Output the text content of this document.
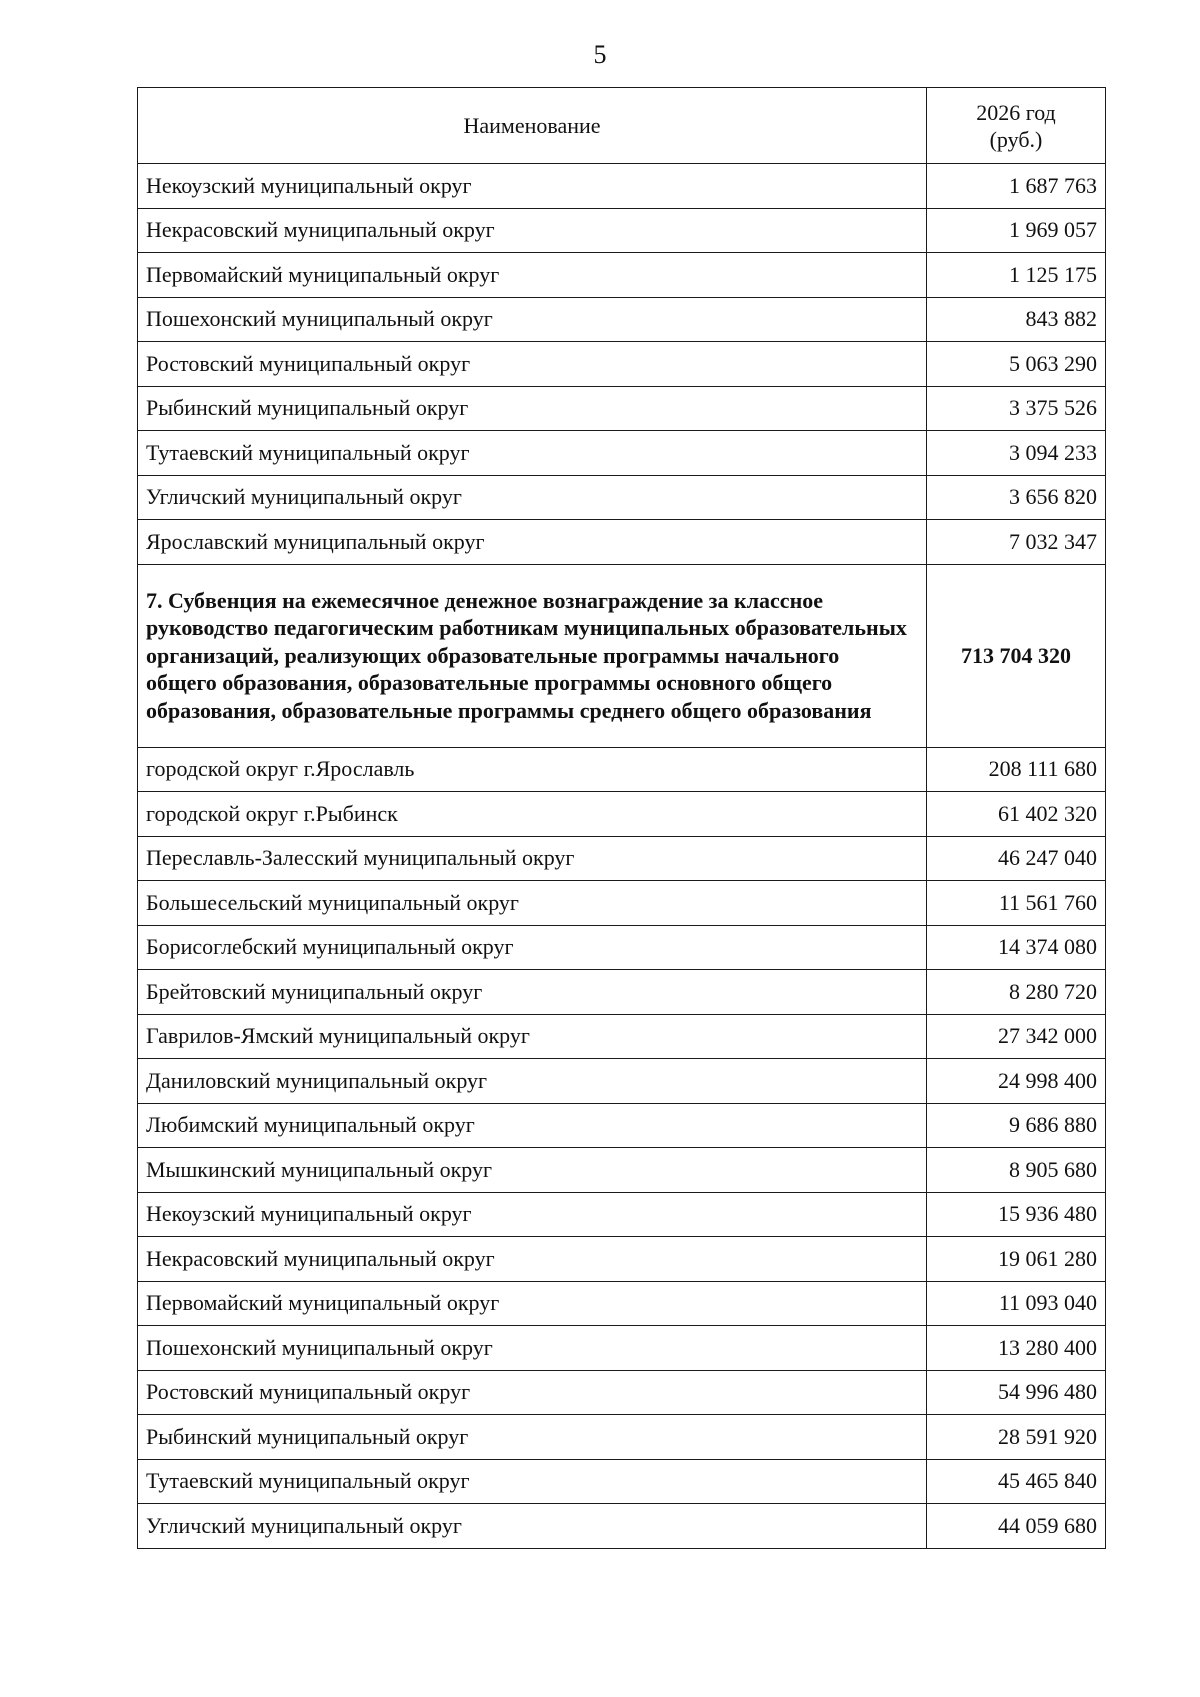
5
Наименование	2026 год
(руб.)
Некоузский муниципальный округ	1 687 763
Некрасовский муниципальный округ	1 969 057
Первомайский муниципальный округ	1 125 175
Пошехонский муниципальный округ	843 882
Ростовский муниципальный округ	5 063 290
Рыбинский муниципальный округ	3 375 526
Тутаевский муниципальный округ	3 094 233
Угличский муниципальный округ	3 656 820
Ярославский муниципальный округ	7 032 347
7. Субвенция на ежемесячное денежное вознаграждение за классное руководство педагогическим работникам муниципальных образовательных организаций, реализующих образовательные программы начального общего образования, образовательные программы основного общего образования, образовательные программы среднего общего образования	713 704 320
городской округ г.Ярославль	208 111 680
городской округ г.Рыбинск	61 402 320
Переславль-Залесский муниципальный округ	46 247 040
Большесельский муниципальный округ	11 561 760
Борисоглебский муниципальный округ	14 374 080
Брейтовский муниципальный округ	8 280 720
Гаврилов-Ямский муниципальный округ	27 342 000
Даниловский муниципальный округ	24 998 400
Любимский муниципальный округ	9 686 880
Мышкинский муниципальный округ	8 905 680
Некоузский муниципальный округ	15 936 480
Некрасовский муниципальный округ	19 061 280
Первомайский муниципальный округ	11 093 040
Пошехонский муниципальный округ	13 280 400
Ростовский муниципальный округ	54 996 480
Рыбинский муниципальный округ	28 591 920
Тутаевский муниципальный округ	45 465 840
Угличский муниципальный округ	44 059 680
